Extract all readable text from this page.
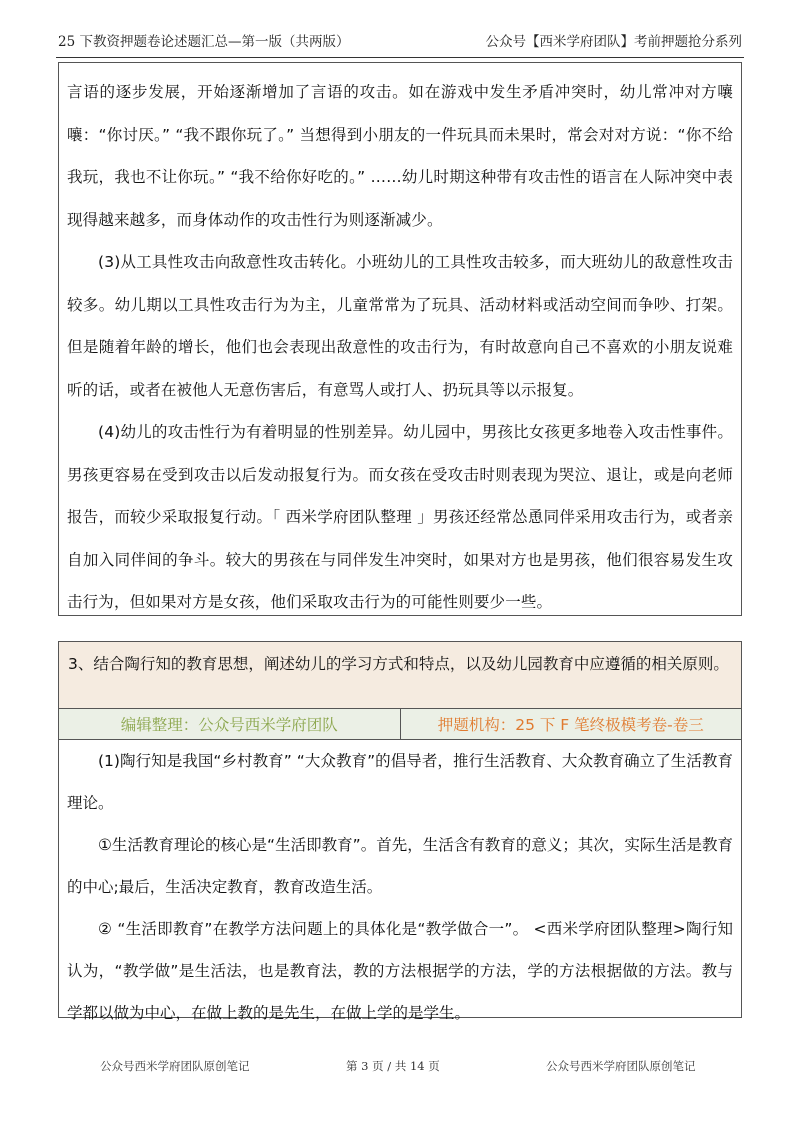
25 下教资押题卷论述题汇总—第一版（共两版）	公众号【西米学府团队】考前押题抢分系列

言语的逐步发展，开始逐渐增加了言语的攻击。如在游戏中发生矛盾冲突时，幼儿常冲对方嚷嚷：“你讨厌。” “我不跟你玩了。” 当想得到小朋友的一件玩具而未果时，常会对对方说：“你不给我玩，我也不让你玩。” “我不给你好吃的。” ……幼儿时期这种带有攻击性的语言在人际冲突中表现得越来越多，而身体动作的攻击性行为则逐渐减少。

(3)从工具性攻击向敌意性攻击转化。小班幼儿的工具性攻击较多，而大班幼儿的敌意性攻击较多。幼儿期以工具性攻击行为为主，儿童常常为了玩具、活动材料或活动空间而争吵、打架。但是随着年龄的增长，他们也会表现出敌意性的攻击行为，有时故意向自己不喜欢的小朋友说难听的话，或者在被他人无意伤害后，有意骂人或打人、扔玩具等以示报复。

(4)幼儿的攻击性行为有着明显的性别差异。幼儿园中，男孩比女孩更多地卷入攻击性事件。男孩更容易在受到攻击以后发动报复行为。而女孩在受攻击时则表现为哭泣、退让，或是向老师报告，而较少采取报复行动。「 西米学府团队整理 」男孩还经常怂恿同伴采用攻击行为，或者亲自加入同伴间的争斗。较大的男孩在与同伴发生冲突时，如果对方也是男孩，他们很容易发生攻击行为，但如果对方是女孩，他们采取攻击行为的可能性则要少一些。

3、结合陶行知的教育思想，阐述幼儿的学习方式和特点，以及幼儿园教育中应遵循的相关原则。
编辑整理：公众号西米学府团队	押题机构：25 下 F 笔终极模考卷-卷三

(1)陶行知是我国“乡村教育” “大众教育”的倡导者，推行生活教育、大众教育确立了生活教育理论。

①生活教育理论的核心是“生活即教育”。首先，生活含有教育的意义；其次，实际生活是教育的中心;最后，生活决定教育，教育改造生活。

② “生活即教育”在教学方法问题上的具体化是“教学做合一”。 <西米学府团队整理>陶行知认为，“教学做”是生活法，也是教育法，教的方法根据学的方法，学的方法根据做的方法。教与学都以做为中心，在做上教的是先生，在做上学的是学生。

公众号西米学府团队原创笔记	第 3 页 / 共 14 页	公众号西米学府团队原创笔记
